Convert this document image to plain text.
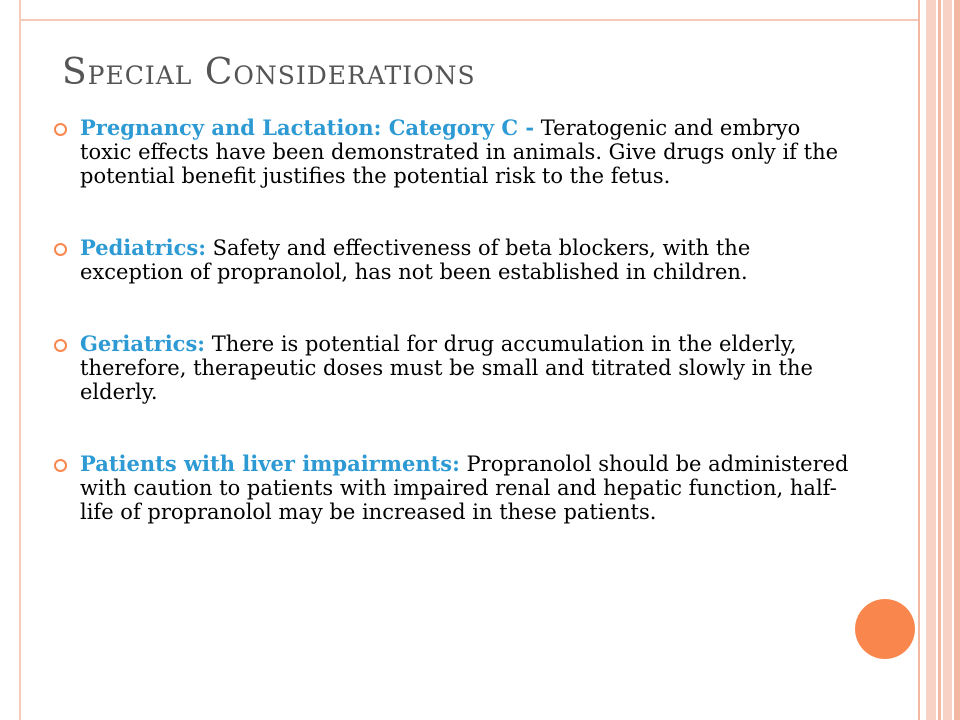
Special Considerations
Pregnancy and Lactation: Category C - Teratogenic and embryo toxic effects have been demonstrated in animals. Give drugs only if the potential benefit justifies the potential risk to the fetus.
Pediatrics: Safety and effectiveness of beta blockers, with the exception of propranolol, has not been established in children.
Geriatrics: There is potential for drug accumulation in the elderly, therefore, therapeutic doses must be small and titrated slowly in the elderly.
Patients with liver impairments: Propranolol should be administered with caution to patients with impaired renal and hepatic function, half-life of propranolol may be increased in these patients.
